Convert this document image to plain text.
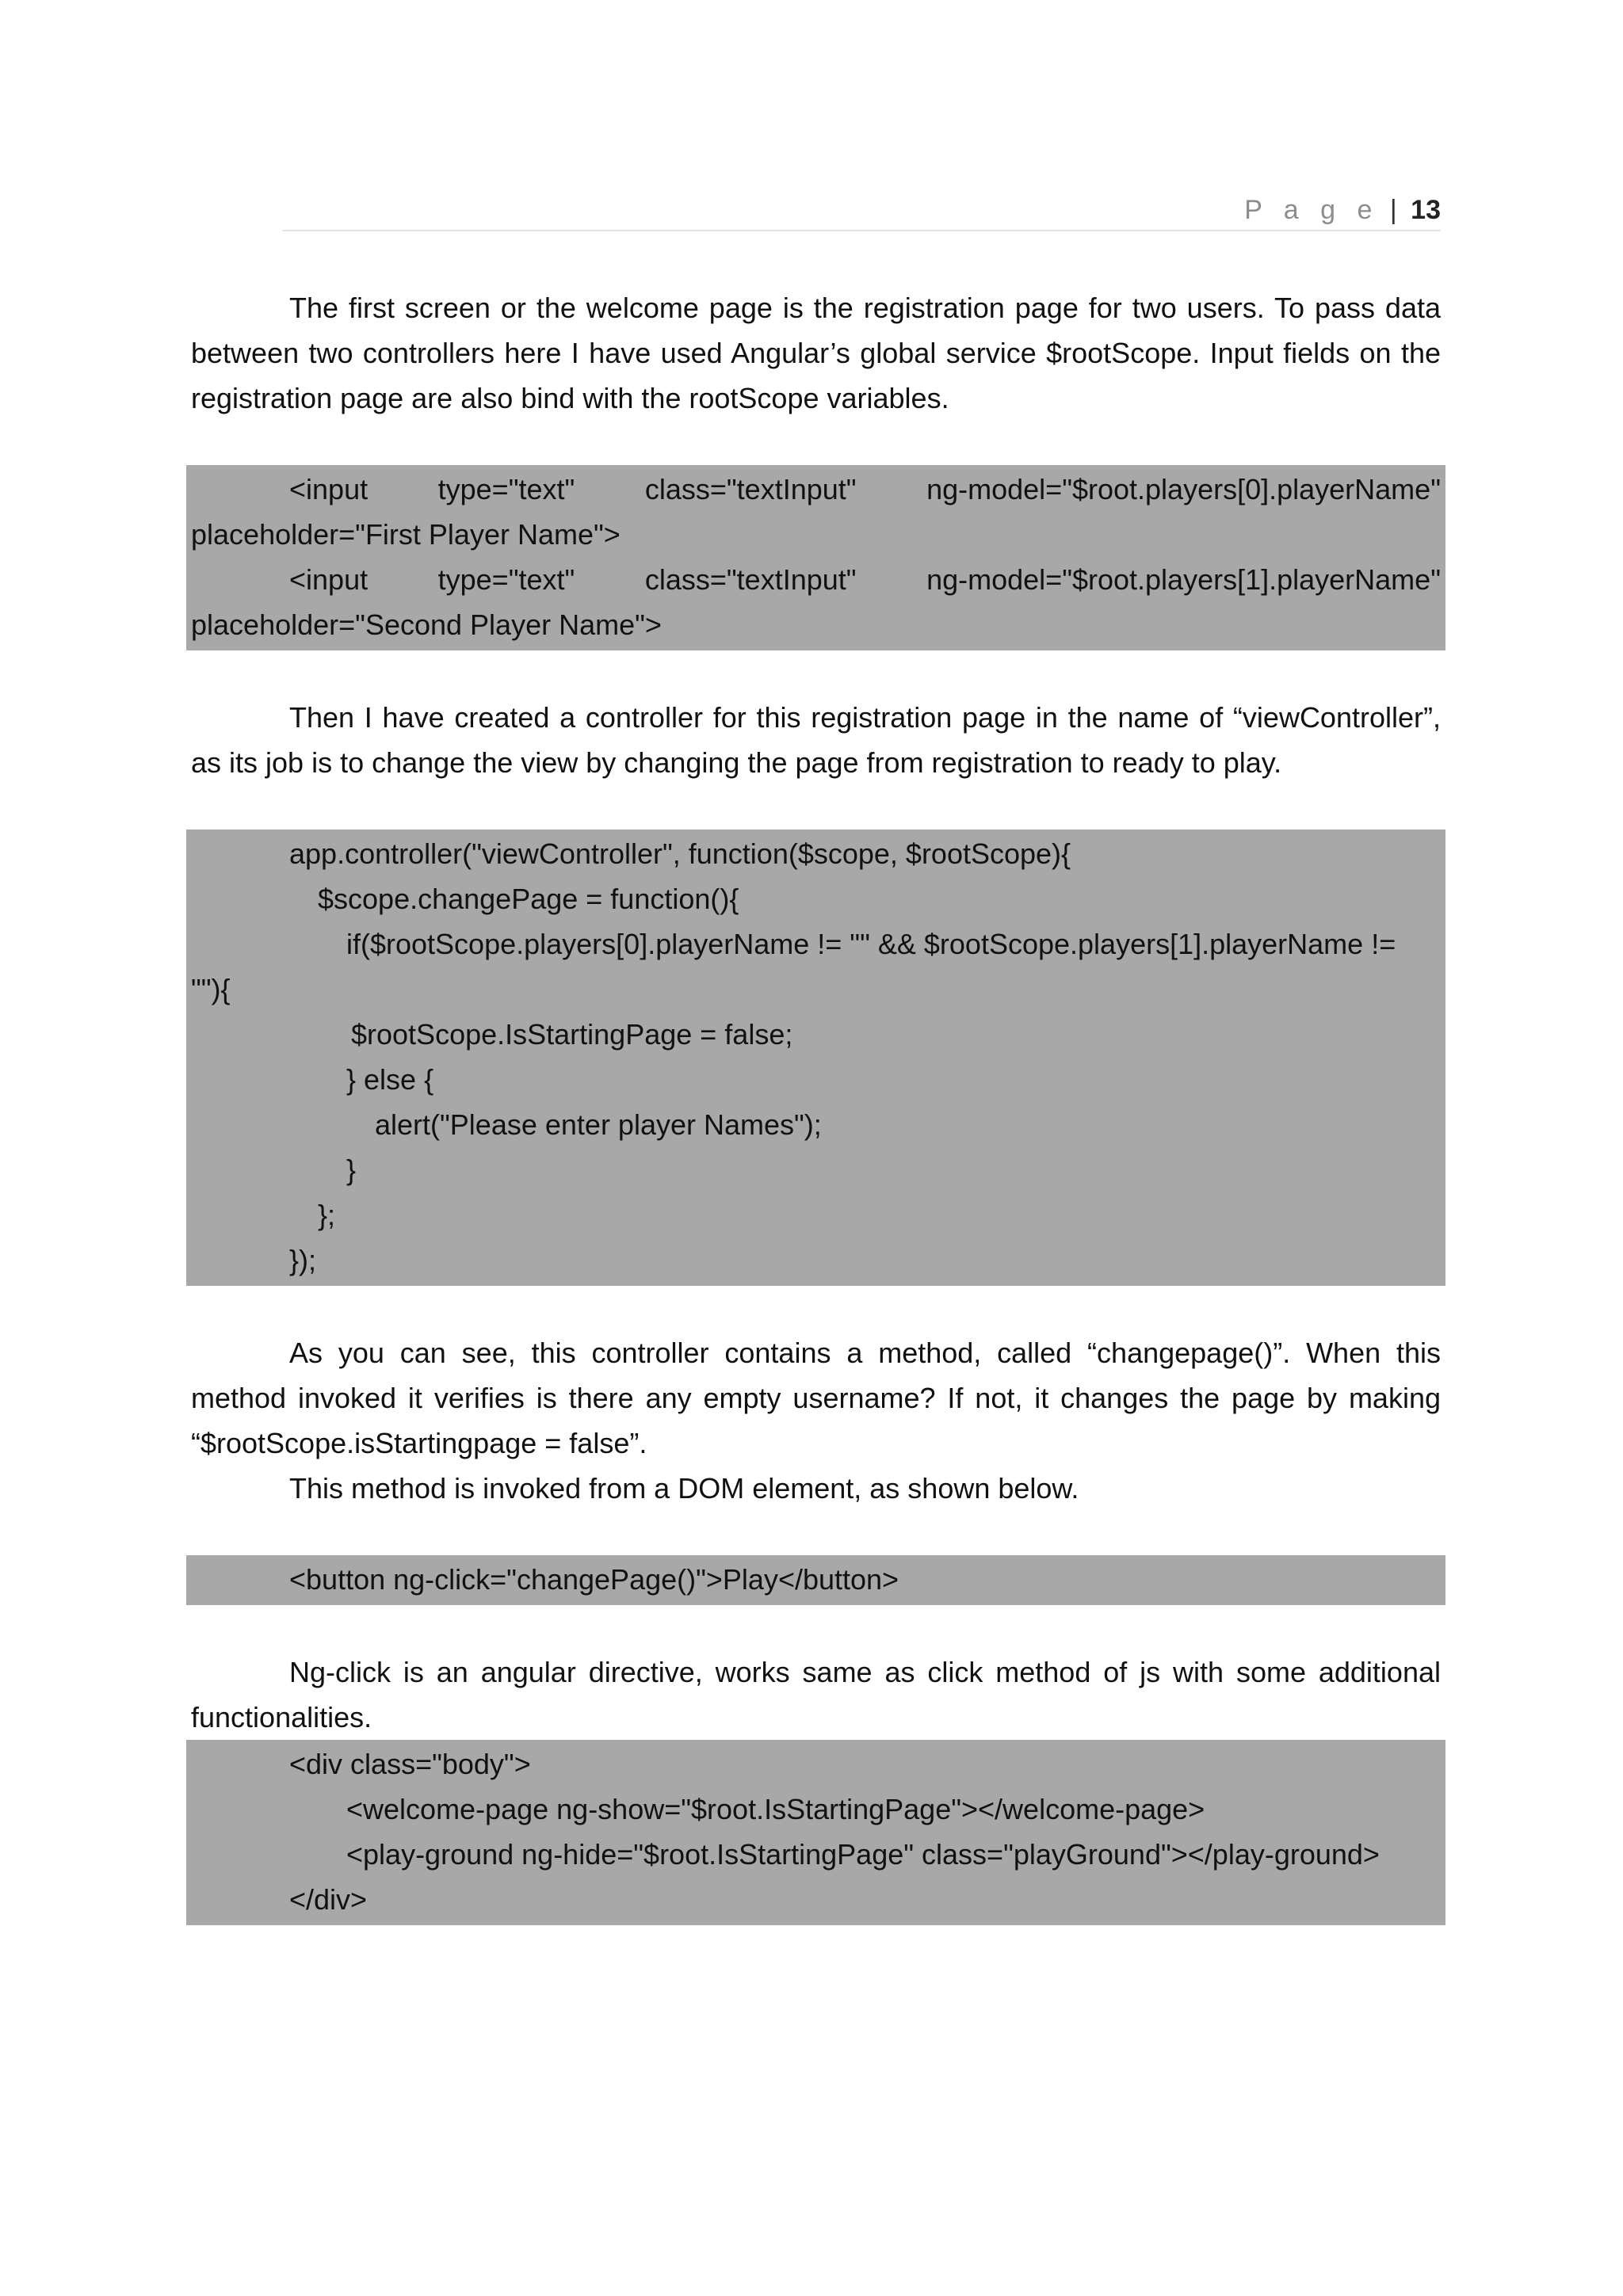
P a g e | 13

The first screen or the welcome page is the registration page for two users. To pass data between two controllers here I have used Angular’s global service $rootScope. Input fields on the registration page are also bind with the rootScope variables.

<input type="text" class="textInput" ng-model="$root.players[0].playerName"
placeholder="First Player Name">
<input type="text" class="textInput" ng-model="$root.players[1].playerName"
placeholder="Second Player Name">

Then I have created a controller for this registration page in the name of “viewController”, as its job is to change the view by changing the page from registration to ready to play.

app.controller("viewController", function($scope, $rootScope){
$scope.changePage = function(){
if($rootScope.players[0].playerName != "" && $rootScope.players[1].playerName !=
""){
$rootScope.IsStartingPage = false;
} else {
alert("Please enter player Names");
}
};
});

As you can see, this controller contains a method, called “changepage()”. When this method invoked it verifies is there any empty username? If not, it changes the page by making “$rootScope.isStartingpage = false”.

This method is invoked from a DOM element, as shown below.

<button ng-click="changePage()">Play</button>

Ng-click is an angular directive, works same as click method of js with some additional functionalities.

<div class="body">
<welcome-page ng-show="$root.IsStartingPage"></welcome-page>
<play-ground ng-hide="$root.IsStartingPage" class="playGround"></play-ground>
</div>
